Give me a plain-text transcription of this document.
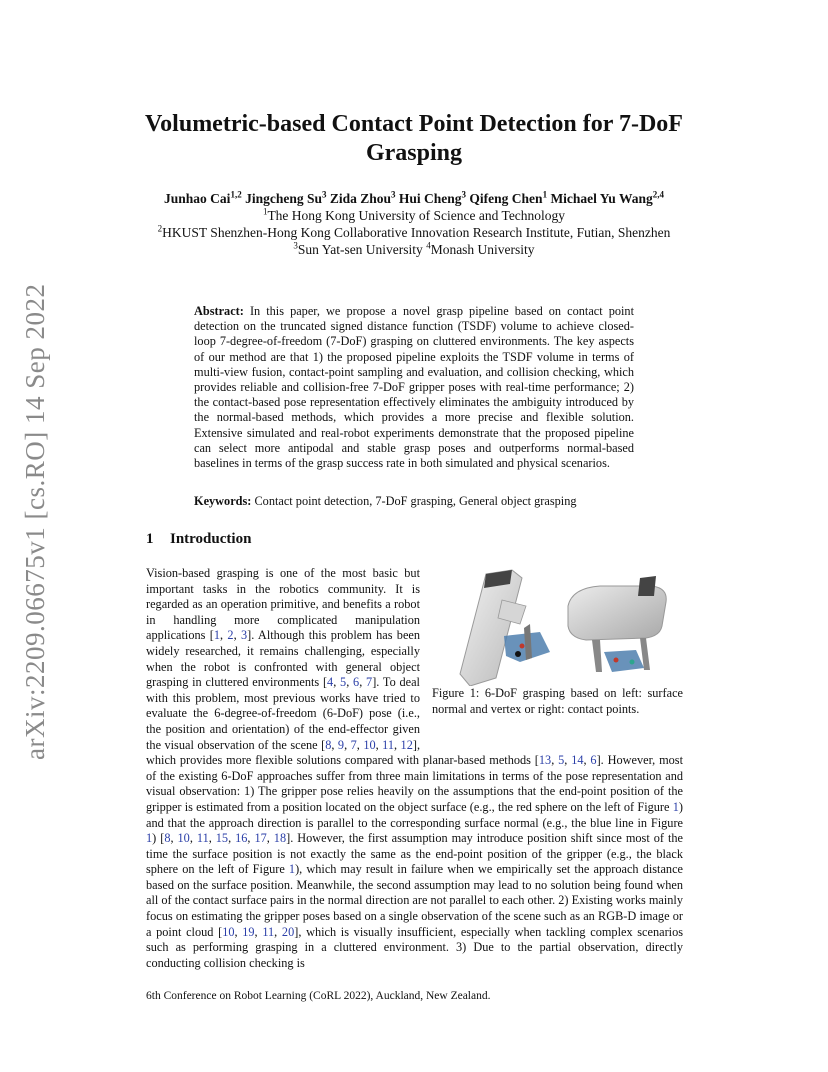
arXiv:2209.06675v1 [cs.RO] 14 Sep 2022
Volumetric-based Contact Point Detection for 7-DoF Grasping
Junhao Cai$^{1,2}$ Jingcheng Su$^3$ Zida Zhou$^3$ Hui Cheng$^3$ Qifeng Chen$^1$ Michael Yu Wang$^{2,4}$
$^1$The Hong Kong University of Science and Technology
$^2$HKUST Shenzhen-Hong Kong Collaborative Innovation Research Institute, Futian, Shenzhen
$^3$Sun Yat-sen University $^4$Monash University
Abstract: In this paper, we propose a novel grasp pipeline based on contact point detection on the truncated signed distance function (TSDF) volume to achieve closed-loop 7-degree-of-freedom (7-DoF) grasping on cluttered environments. The key aspects of our method are that 1) the proposed pipeline exploits the TSDF volume in terms of multi-view fusion, contact-point sampling and evaluation, and collision checking, which provides reliable and collision-free 7-DoF gripper poses with real-time performance; 2) the contact-based pose representation effectively eliminates the ambiguity introduced by the normal-based methods, which provides a more precise and flexible solution. Extensive simulated and real-robot experiments demonstrate that the proposed pipeline can select more antipodal and stable grasp poses and outperforms normal-based baselines in terms of the grasp success rate in both simulated and physical scenarios.
Keywords: Contact point detection, 7-DoF grasping, General object grasping
1 Introduction
Figure 1: 6-DoF grasping based on left: surface normal and vertex or right: contact points.
Vision-based grasping is one of the most basic but important tasks in the robotics community. It is regarded as an operation primitive, and benefits a robot in handling more complicated manipulation applications [1, 2, 3]. Although this problem has been widely researched, it remains challenging, especially when the robot is confronted with general object grasping in cluttered environments [4, 5, 6, 7]. To deal with this problem, most previous works have tried to evaluate the 6-degree-of-freedom (6-DoF) pose (i.e., the position and orientation) of the end-effector given the visual observation of the scene [8, 9, 7, 10, 11, 12], which provides more flexible solutions compared with planar-based methods [13, 5, 14, 6]. However, most of the existing 6-DoF approaches suffer from three main limitations in terms of the pose representation and visual observation: 1) The gripper pose relies heavily on the assumptions that the end-point position of the gripper is estimated from a position located on the object surface (e.g., the red sphere on the left of Figure 1) and that the approach direction is parallel to the corresponding surface normal (e.g., the blue line in Figure 1) [8, 10, 11, 15, 16, 17, 18]. However, the first assumption may introduce position shift since most of the time the surface position is not exactly the same as the end-point position of the gripper (e.g., the black sphere on the left of Figure 1), which may result in failure when we empirically set the approach distance based on the surface position. Meanwhile, the second assumption may lead to no solution being found when all of the contact surface pairs in the normal direction are not parallel to each other. 2) Existing works mainly focus on estimating the gripper poses based on a single observation of the scene such as an RGB-D image or a point cloud [10, 19, 11, 20], which is visually insufficient, especially when tackling complex scenarios such as performing grasping in a cluttered environment. 3) Due to the partial observation, directly conducting collision checking is
6th Conference on Robot Learning (CoRL 2022), Auckland, New Zealand.
